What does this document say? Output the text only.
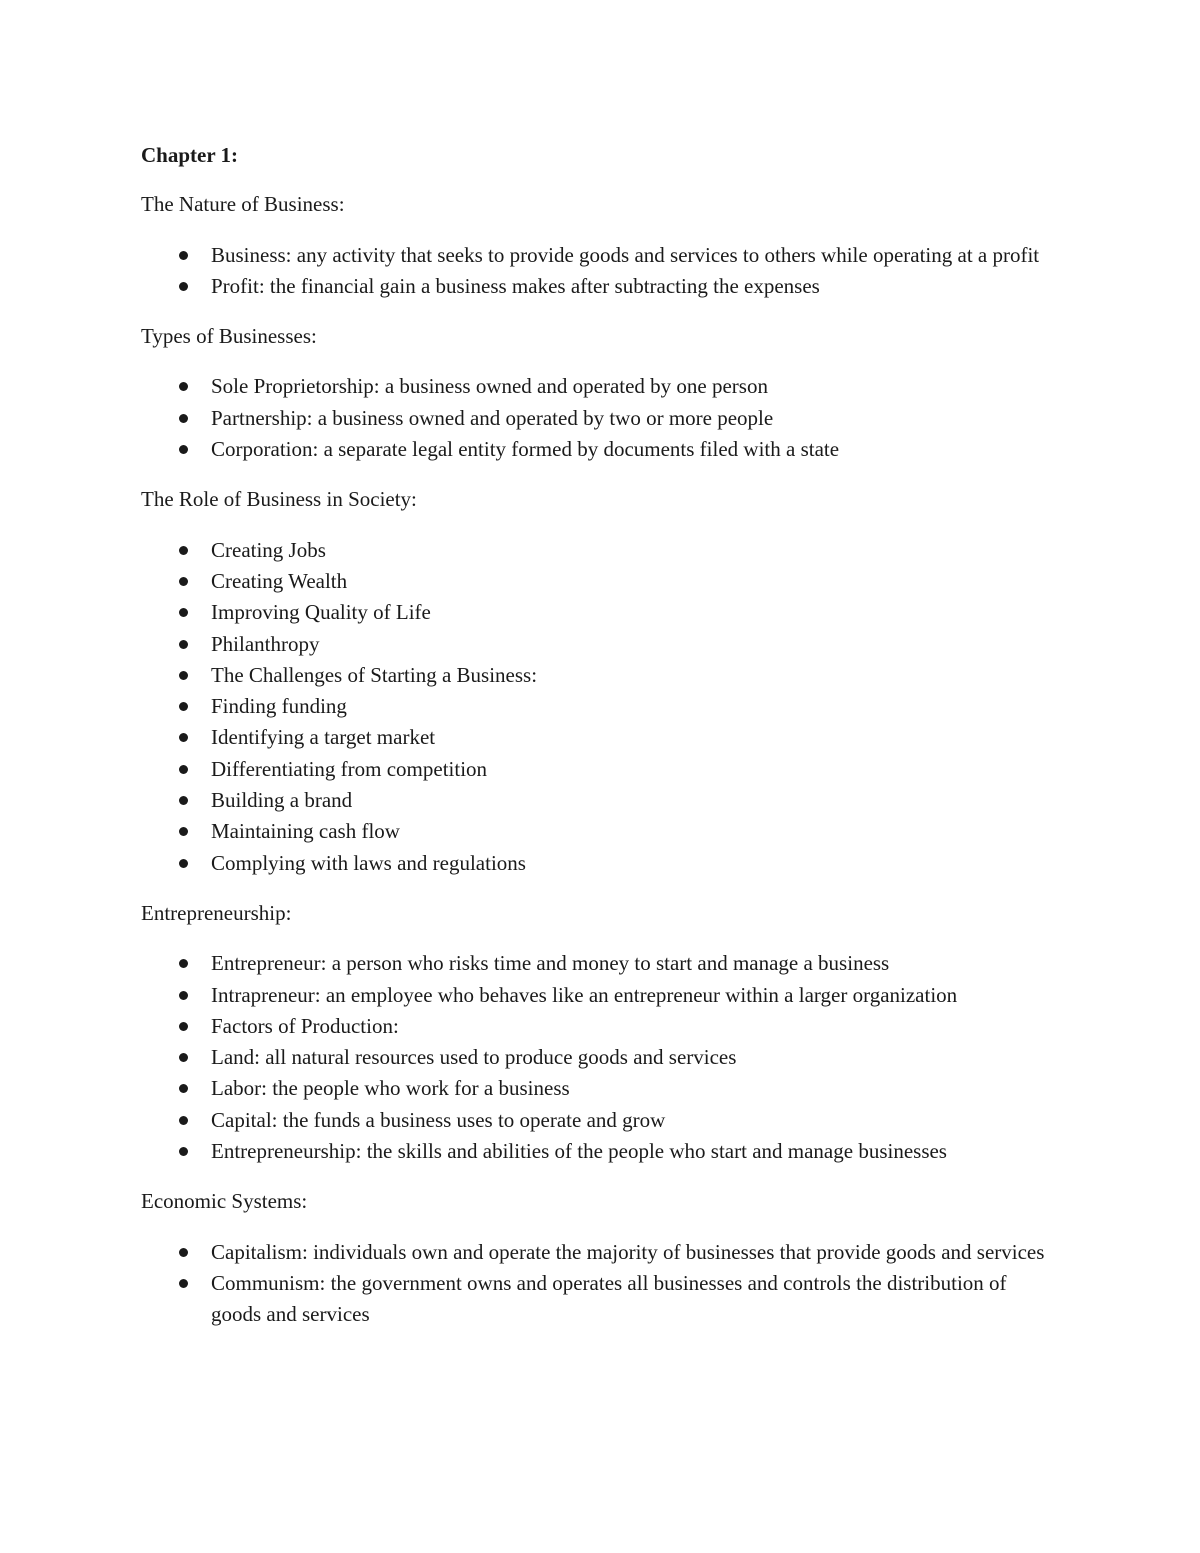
Chapter 1:
The Nature of Business:
Business: any activity that seeks to provide goods and services to others while operating at a profit
Profit: the financial gain a business makes after subtracting the expenses
Types of Businesses:
Sole Proprietorship: a business owned and operated by one person
Partnership: a business owned and operated by two or more people
Corporation: a separate legal entity formed by documents filed with a state
The Role of Business in Society:
Creating Jobs
Creating Wealth
Improving Quality of Life
Philanthropy
The Challenges of Starting a Business:
Finding funding
Identifying a target market
Differentiating from competition
Building a brand
Maintaining cash flow
Complying with laws and regulations
Entrepreneurship:
Entrepreneur: a person who risks time and money to start and manage a business
Intrapreneur: an employee who behaves like an entrepreneur within a larger organization
Factors of Production:
Land: all natural resources used to produce goods and services
Labor: the people who work for a business
Capital: the funds a business uses to operate and grow
Entrepreneurship: the skills and abilities of the people who start and manage businesses
Economic Systems:
Capitalism: individuals own and operate the majority of businesses that provide goods and services
Communism: the government owns and operates all businesses and controls the distribution of goods and services
